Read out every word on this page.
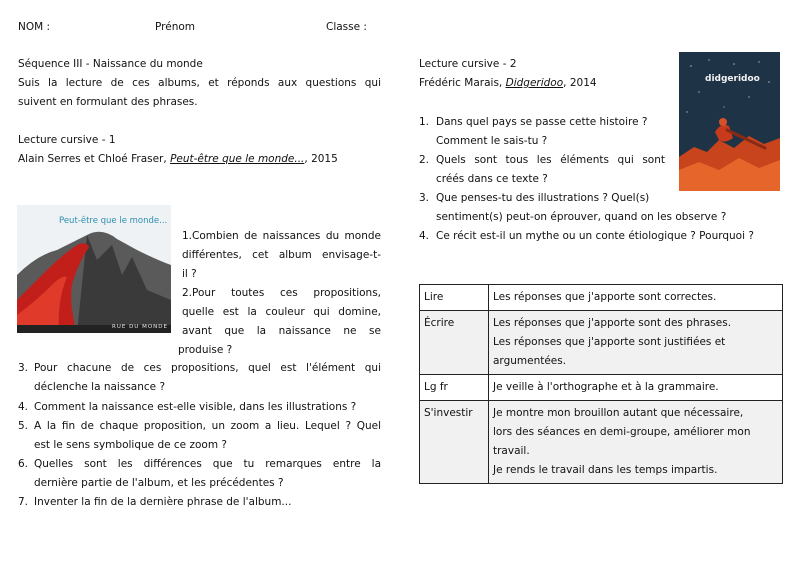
NOM :	Prénom	Classe :
Séquence III - Naissance du monde
Suis la lecture de ces albums, et réponds aux questions qui
suivent en formulant des phrases.
Lecture cursive - 1
Alain Serres et Chloé Fraser, Peut-être que le monde..., 2015
Peut-être que le monde...
RUE DU MONDE
1.Combien de naissances du monde
différentes, cet album envisage-t-
il ?
2.Pour toutes ces propositions,
quelle est la couleur qui domine,
avant que la naissance ne se
produise ?
3. Pour chacune de ces propositions, quel est l'élément qui
déclenche la naissance ?
4. Comment la naissance est-elle visible, dans les illustrations ?
5. A la fin de chaque proposition, un zoom a lieu. Lequel ? Quel
est le sens symbolique de ce zoom ?
6. Quelles sont les différences que tu remarques entre la
dernière partie de l'album, et les précédentes ?
7. Inventer la fin de la dernière phrase de l'album...
Lecture cursive - 2
Frédéric Marais, Didgeridoo, 2014	didgeridoo
1. Dans quel pays se passe cette histoire ?
Comment le sais-tu ?
2. Quels sont tous les éléments qui sont
créés dans ce texte ?
3. Que penses-tu des illustrations ? Quel(s)
sentiment(s) peut-on éprouver, quand on les observe ?
4. Ce récit est-il un mythe ou un conte étiologique ? Pourquoi ?
Lire	Les réponses que j'apporte sont correctes.

Écrire	Les réponses que j'apporte sont des phrases.
Les réponses que j'apporte sont justifiées et
argumentées.

Lg fr	Je veille à l'orthographe et à la grammaire.

S'investir	Je montre mon brouillon autant que nécessaire,
lors des séances en demi-groupe, améliorer mon
travail.
Je rends le travail dans les temps impartis.
